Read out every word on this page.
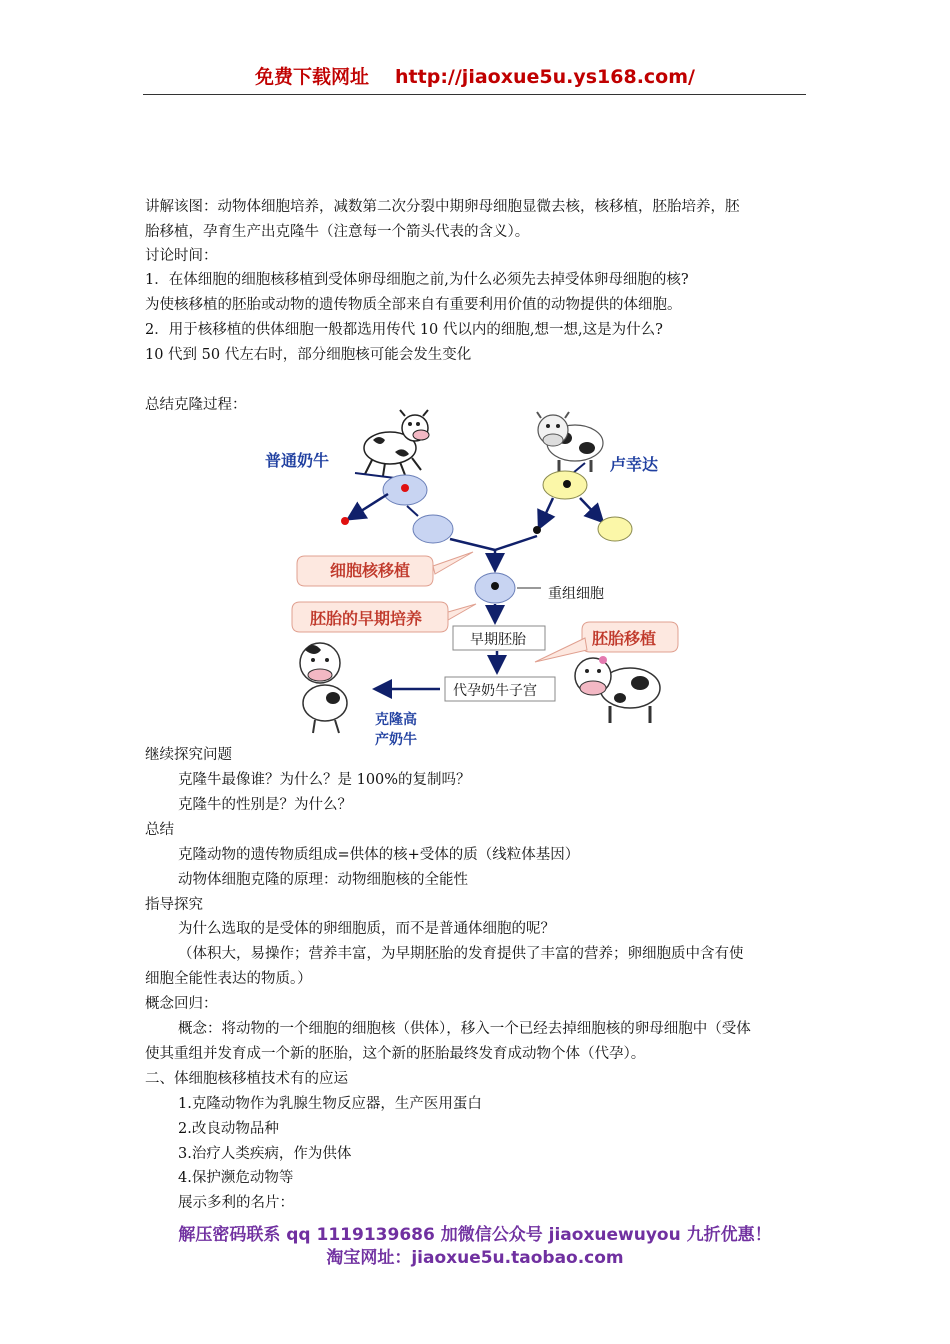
免费下载网址 http://jiaoxue5u.ys168.com/
讲解该图：动物体细胞培养，减数第二次分裂中期卵母细胞显微去核，核移植，胚胎培养，胚
胎移植，孕育生产出克隆牛（注意每一个箭头代表的含义）。
讨论时间：
1．在体细胞的细胞核移植到受体卵母细胞之前,为什么必须先去掉受体卵母细胞的核?
为使核移植的胚胎或动物的遗传物质全部来自有重要利用价值的动物提供的体细胞。
2．用于核移植的供体细胞一般都选用传代 10 代以内的细胞,想一想,这是为什么?
10 代到 50 代左右时，部分细胞核可能会发生变化
总结克隆过程：
普通奶牛	卢幸达
细胞核移植
重组细胞
胚胎的早期培养
早期胚胎	胚胎移植
代孕奶牛子宫
克隆高
产奶牛
继续探究问题
克隆牛最像谁？为什么？是 100%的复制吗？
克隆牛的性别是？为什么？
总结
克隆动物的遗传物质组成=供体的核+受体的质（线粒体基因）
动物体细胞克隆的原理：动物细胞核的全能性
指导探究
为什么选取的是受体的卵细胞质，而不是普通体细胞的呢？
（体积大，易操作；营养丰富，为早期胚胎的发育提供了丰富的营养；卵细胞质中含有使
细胞全能性表达的物质。）
概念回归：
概念：将动物的一个细胞的细胞核（供体），移入一个已经去掉细胞核的卵母细胞中（受体
使其重组并发育成一个新的胚胎，这个新的胚胎最终发育成动物个体（代孕）。
二、体细胞核移植技术有的应运
1.克隆动物作为乳腺生物反应器，生产医用蛋白
2.改良动物品种
3.治疗人类疾病，作为供体
4.保护濒危动物等
展示多利的名片：
解压密码联系 qq 1119139686 加微信公众号 jiaoxuewuyou 九折优惠！
淘宝网址：jiaoxue5u.taobao.com
